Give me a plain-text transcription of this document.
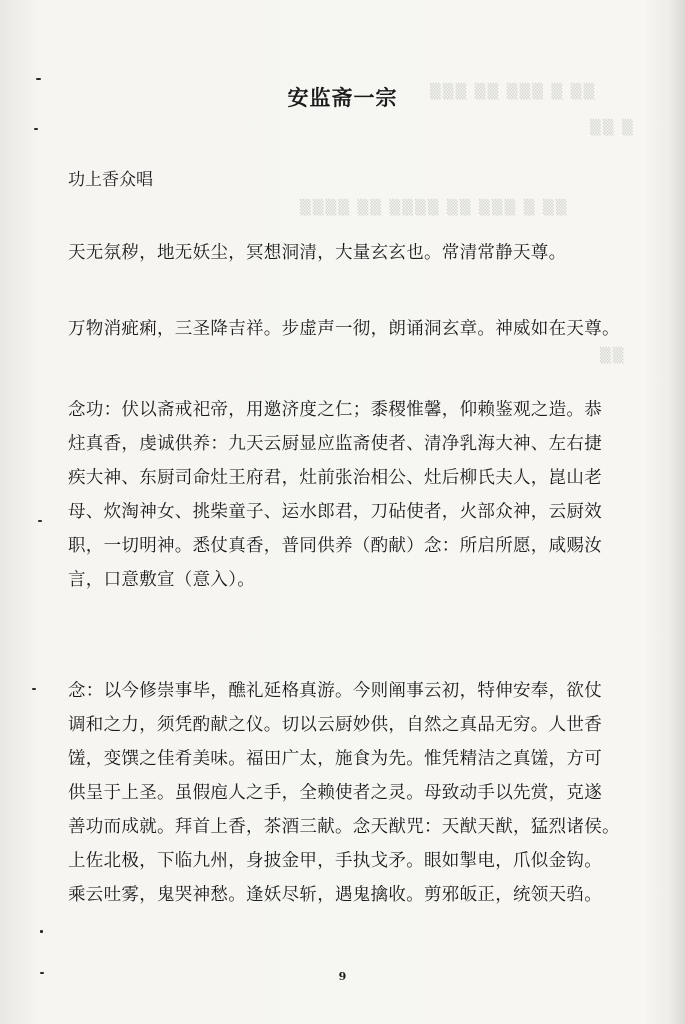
▒▒▒ ▒▒ ▒▒▒ ▒ ▒▒
▒▒ ▒
▒▒▒▒ ▒▒ ▒▒▒▒ ▒▒ ▒▒▒ ▒ ▒▒
▒▒
安监斋一宗
功上香众唱
天无氛秽，地无妖尘，冥想洞清，大量玄玄也。常清常静天尊。
万物消疵痢，三圣降吉祥。步虚声一彻，朗诵洞玄章。神威如在天尊。
念功：伏以斋戒祀帝，用邀济度之仁；黍稷惟馨，仰赖鉴观之造。恭
炷真香，虔诚供养：九天云厨显应监斋使者、清净乳海大神、左右捷
疾大神、东厨司命灶王府君，灶前张治相公、灶后柳氏夫人，崑山老
母、炊淘神女、挑柴童子、运水郎君，刀砧使者，火部众神，云厨效
职，一切明神。悉仗真香，普同供养（酌献）念：所启所愿，咸赐汝
言，口意敷宣（意入）。
念：以今修崇事毕，醮礼延格真游。今则阐事云初，特伸安奉，欲仗
调和之力，须凭酌献之仪。切以云厨妙供，自然之真品无穷。人世香
馐，变馔之佳肴美味。福田广太，施食为先。惟凭精洁之真馐，方可
供呈于上圣。虽假庖人之手，全赖使者之灵。母致动手以先赏，克遂
善功而成就。拜首上香，茶酒三献。念天猷咒：天猷天猷，猛烈诸侯。
上佐北极，下临九州，身披金甲，手执戈矛。眼如掣电，爪似金钩。
乘云吐雾，鬼哭神愁。逢妖尽斩，遇鬼擒收。剪邪皈正，统领天驺。
9
